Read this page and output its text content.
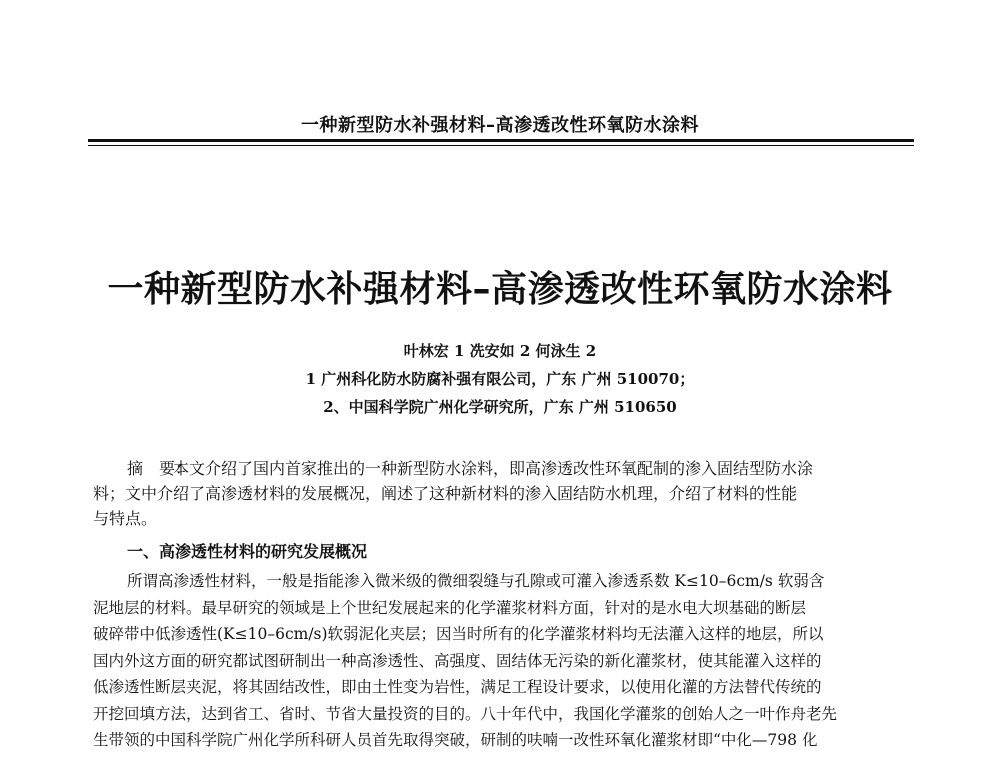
一种新型防水补强材料–高渗透改性环氧防水涂料
一种新型防水补强材料–高渗透改性环氧防水涂料
叶林宏 1 冼安如 2 何泳生 2
1 广州科化防水防腐补强有限公司，广东 广州 510070；
2、中国科学院广州化学研究所，广东 广州 510650
摘　要：本文介绍了国内首家推出的一种新型防水涂料，即高渗透改性环氧配制的渗入固结型防水涂
料；文中介绍了高渗透材料的发展概况，阐述了这种新材料的渗入固结防水机理，介绍了材料的性能
与特点。
一、高渗透性材料的研究发展概况
所谓高渗透性材料，一般是指能渗入微米级的微细裂缝与孔隙或可灌入渗透系数 K≤10–6cm/s 软弱含
泥地层的材料。最早研究的领域是上个世纪发展起来的化学灌浆材料方面，针对的是水电大坝基础的断层
破碎带中低渗透性(K≤10–6cm/s)软弱泥化夹层；因当时所有的化学灌浆材料均无法灌入这样的地层，所以
国内外这方面的研究都试图研制出一种高渗透性、高强度、固结体无污染的新化灌浆材，使其能灌入这样的
低渗透性断层夹泥，将其固结改性，即由土性变为岩性，满足工程设计要求，以使用化灌的方法替代传统的
开挖回填方法，达到省工、省时、节省大量投资的目的。八十年代中，我国化学灌浆的创始人之一叶作舟老先
生带领的中国科学院广州化学所科研人员首先取得突破，研制的呋喃一改性环氧化灌浆材即“中化—798 化
